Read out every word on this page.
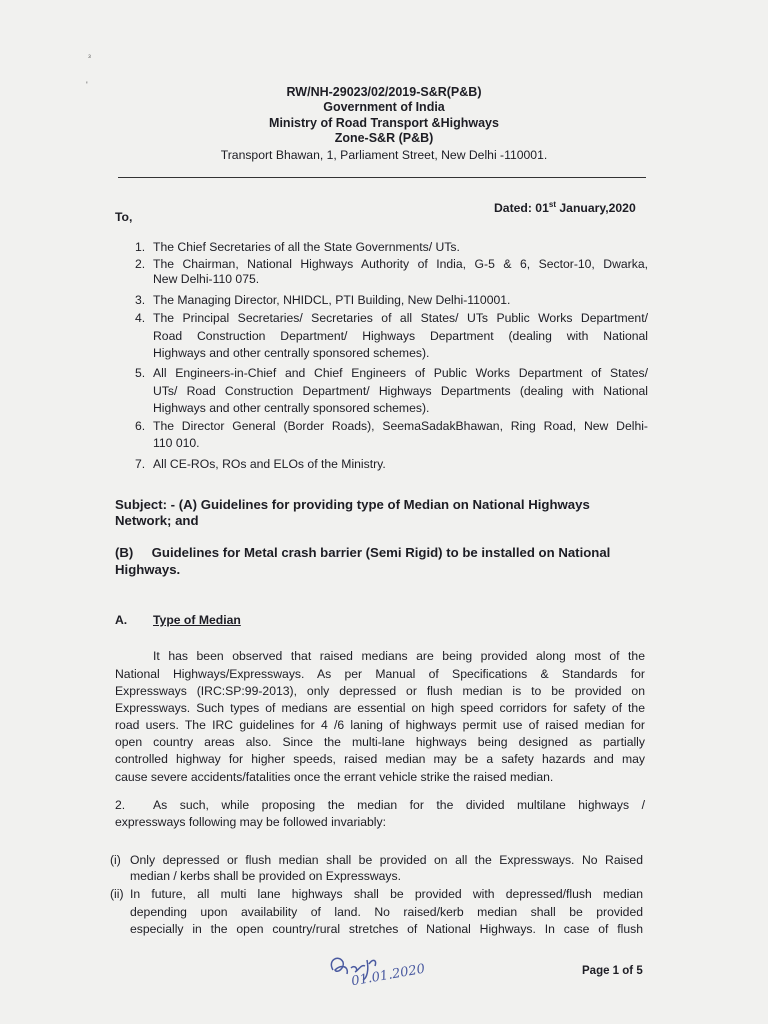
ᵌ
'	RW/NH-29023/02/2019-S&R(P&B)
Government of India
Ministry of Road Transport &Highways
Zone-S&R (P&B)
Transport Bhawan, 1, Parliament Street, New Delhi -110001.
Dated: 01st January,2020
To,
1. The Chief Secretaries of all the State Governments/ UTs.
2. The Chairman, National Highways Authority of India, G-5 & 6, Sector-10, Dwarka,
New Delhi-110 075.
3. The Managing Director, NHIDCL, PTI Building, New Delhi-110001.
4. The Principal Secretaries/ Secretaries of all States/ UTs Public Works Department/
Road Construction Department/ Highways Department (dealing with National
Highways and other centrally sponsored schemes).
5. All Engineers-in-Chief and Chief Engineers of Public Works Department of States/
UTs/ Road Construction Department/ Highways Departments (dealing with National
Highways and other centrally sponsored schemes).
6. The Director General (Border Roads), SeemaSadakBhawan, Ring Road, New Delhi-
110 010.
7. All CE-ROs, ROs and ELOs of the Ministry.
Subject: - (A) Guidelines for providing type of Median on National Highways
Network; and
(B)     Guidelines for Metal crash barrier (Semi Rigid) to be installed on National
Highways.
A. Type of Median
It has been observed that raised medians are being provided along most of the
National Highways/Expressways. As per Manual of Specifications & Standards for
Expressways (IRC:SP:99-2013), only depressed or flush median is to be provided on
Expressways. Such types of medians are essential on high speed corridors for safety of the
road users. The IRC guidelines for 4 /6 laning of highways permit use of raised median for
open country areas also. Since the multi-lane highways being designed as partially
controlled highway for higher speeds, raised median may be a safety hazards and may
cause severe accidents/fatalities once the errant vehicle strike the raised median.
2. As such, while proposing the median for the divided multilane highways /
expressways following may be followed invariably:
(i) Only depressed or flush median shall be provided on all the Expressways. No Raised
median / kerbs shall be provided on Expressways.
(ii) In future, all multi lane highways shall be provided with depressed/flush median
depending upon availability of land. No raised/kerb median shall be provided
especially in the open country/rural stretches of National Highways. In case of flush
01.01.2020	Page 1 of 5
